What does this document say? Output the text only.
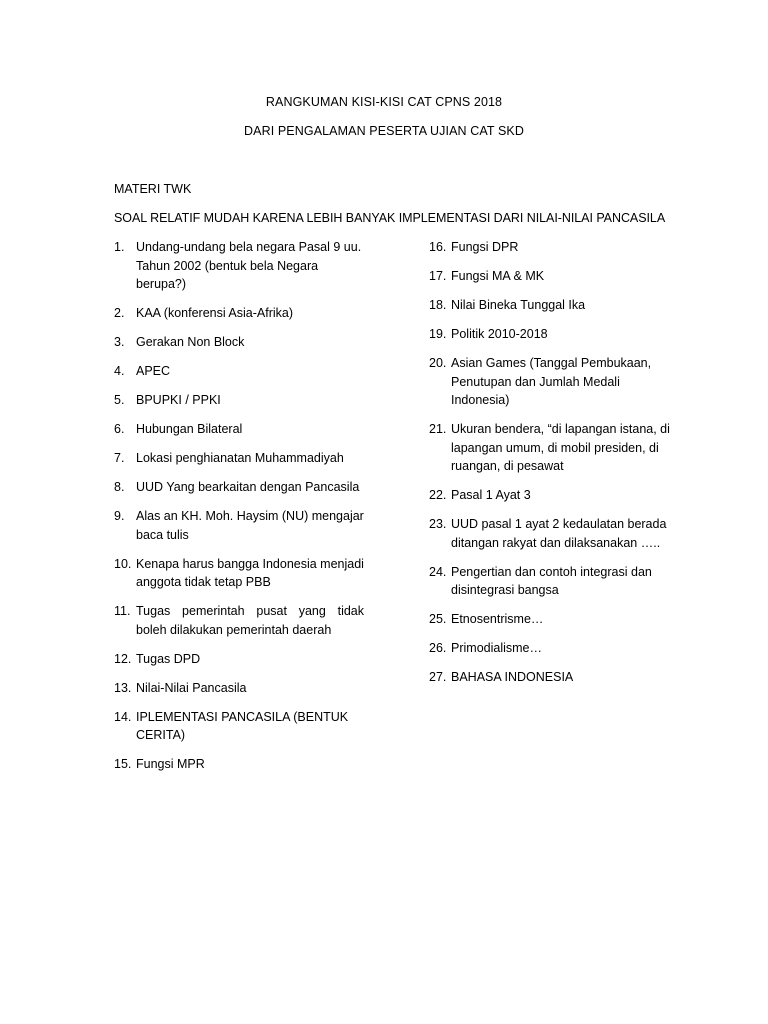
RANGKUMAN KISI-KISI CAT CPNS 2018
DARI PENGALAMAN PESERTA UJIAN CAT SKD
MATERI TWK
SOAL RELATIF MUDAH KARENA LEBIH BANYAK IMPLEMENTASI DARI NILAI-NILAI PANCASILA
1. Undang-undang bela negara Pasal 9 uu. Tahun 2002 (bentuk bela Negara berupa?)
2. KAA (konferensi Asia-Afrika)
3. Gerakan Non Block
4. APEC
5. BPUPKI / PPKI
6. Hubungan Bilateral
7. Lokasi penghianatan Muhammadiyah
8. UUD Yang bearkaitan dengan Pancasila
9. Alas an KH. Moh. Haysim (NU) mengajar baca tulis
10. Kenapa harus bangga Indonesia menjadi anggota tidak tetap PBB
11. Tugas pemerintah pusat yang tidak boleh dilakukan pemerintah daerah
12. Tugas DPD
13. Nilai-Nilai Pancasila
14. IPLEMENTASI PANCASILA (BENTUK CERITA)
15. Fungsi MPR
16. Fungsi DPR
17. Fungsi MA & MK
18. Nilai Bineka Tunggal Ika
19. Politik 2010-2018
20. Asian Games (Tanggal Pembukaan, Penutupan dan Jumlah Medali Indonesia)
21. Ukuran bendera, “di lapangan istana, di lapangan umum, di mobil presiden, di ruangan, di pesawat
22. Pasal 1 Ayat 3
23. UUD pasal 1 ayat 2 kedaulatan berada ditangan rakyat dan dilaksanakan …..
24. Pengertian dan contoh integrasi dan disintegrasi bangsa
25. Etnosentrisme…
26. Primodialisme…
27. BAHASA INDONESIA
